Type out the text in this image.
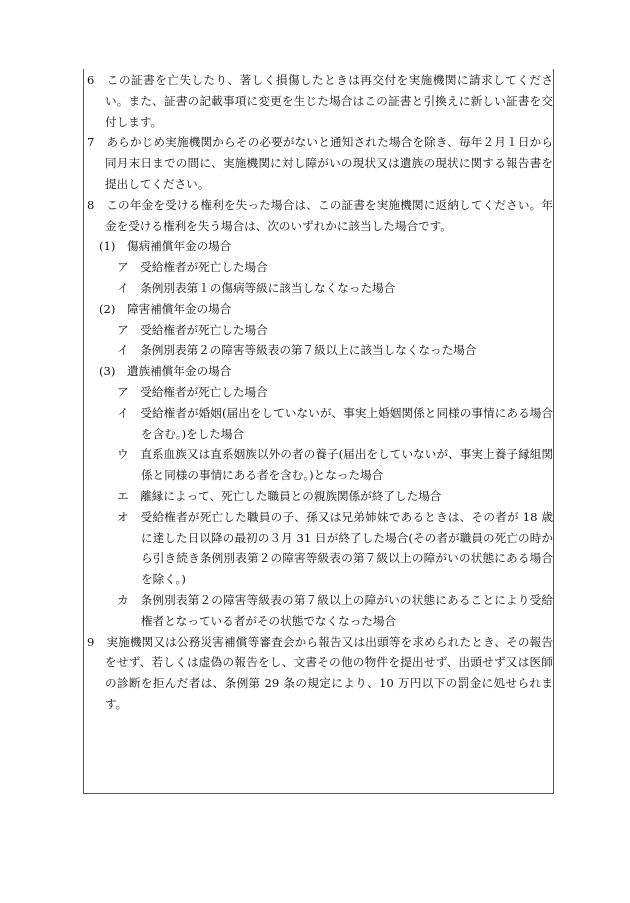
6　この証書を亡失したり、著しく損傷したときは再交付を実施機関に請求してください。また、証書の記載事項に変更を生じた場合はこの証書と引換えに新しい証書を交付します。

7　あらかじめ実施機関からその必要がないと通知された場合を除き、毎年２月１日から同月末日までの間に、実施機関に対し障がいの現状又は遺族の現状に関する報告書を提出してください。

8　この年金を受ける権利を失った場合は、この証書を実施機関に返納してください。年金を受ける権利を失う場合は、次のいずれかに該当した場合です。

(1)　傷病補償年金の場合

ア　受給権者が死亡した場合

イ　条例別表第１の傷病等級に該当しなくなった場合

(2)　障害補償年金の場合

ア　受給権者が死亡した場合

イ　条例別表第２の障害等級表の第７級以上に該当しなくなった場合

(3)　遺族補償年金の場合

ア　受給権者が死亡した場合

イ　受給権者が婚姻(届出をしていないが、事実上婚姻関係と同様の事情にある場合を含む。)をした場合

ウ　直系血族又は直系姻族以外の者の養子(届出をしていないが、事実上養子縁組関係と同様の事情にある者を含む。)となった場合

エ　離縁によって、死亡した職員との親族関係が終了した場合

オ　受給権者が死亡した職員の子、孫又は兄弟姉妹であるときは、その者が 18 歳に達した日以降の最初の３月 31 日が終了した場合(その者が職員の死亡の時から引き続き条例別表第２の障害等級表の第７級以上の障がいの状態にある場合を除く。)

カ　条例別表第２の障害等級表の第７級以上の障がいの状態にあることにより受給権者となっている者がその状態でなくなった場合

9　実施機関又は公務災害補償等審査会から報告又は出頭等を求められたとき、その報告をせず、若しくは虚偽の報告をし、文書その他の物件を提出せず、出頭せず又は医師の診断を拒んだ者は、条例第 29 条の規定により、10 万円以下の罰金に処せられます。
